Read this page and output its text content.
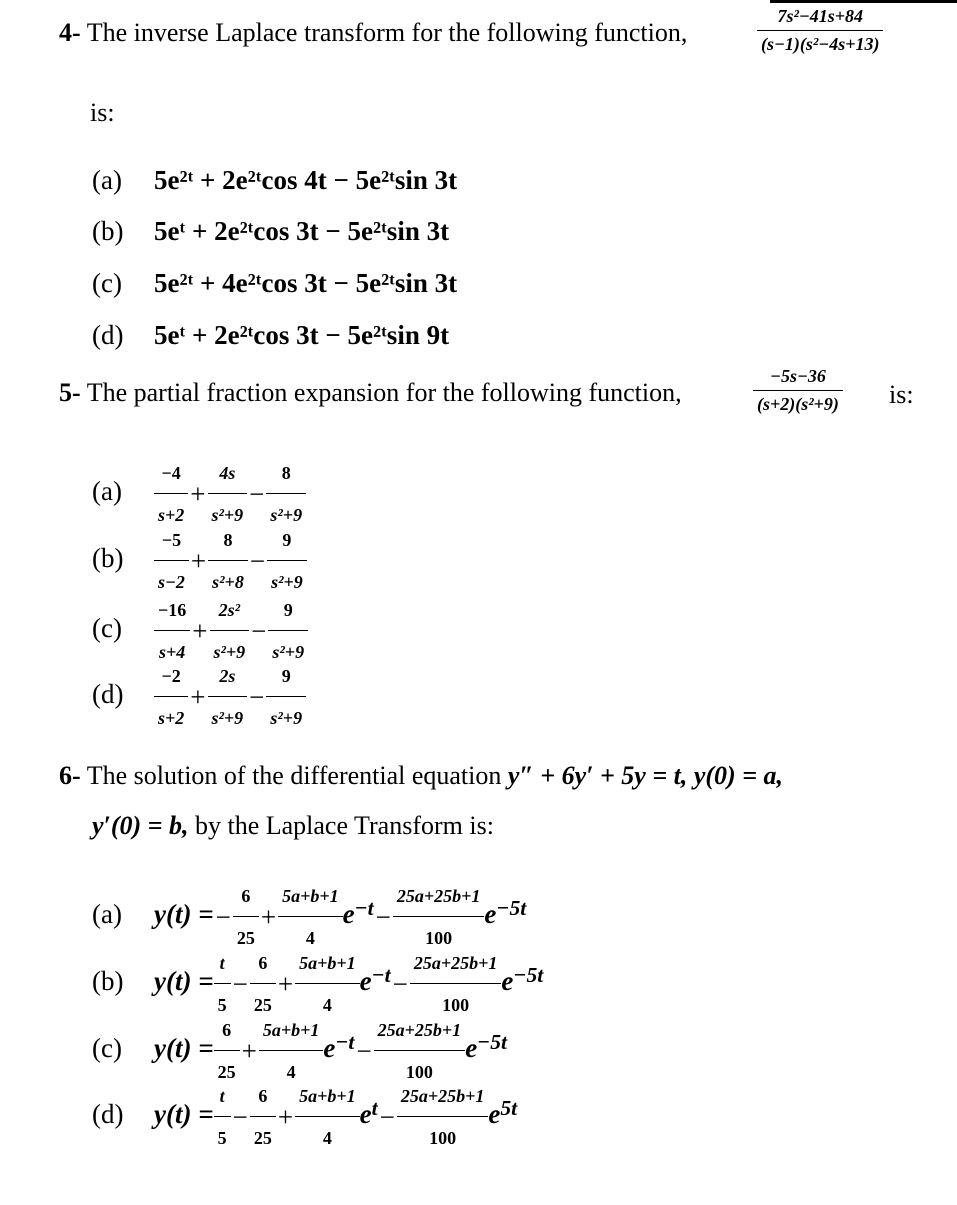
4- The inverse Laplace transform for the following function,	$\frac{\text{7s²−41s+84}}{\text{(s−1)(s²−4s+13)}}$
is:
(a) 5e²ᵗ + 2e²ᵗcos 4t − 5e²ᵗsin 3t
(b) 5eᵗ + 2e²ᵗcos 3t − 5e²ᵗsin 3t
(c) 5e²ᵗ + 4e²ᵗcos 3t − 5e²ᵗsin 3t
(d) 5eᵗ + 2e²ᵗcos 3t − 5e²ᵗsin 9t
5- The partial fraction expansion for the following function,	$\frac{-5s-36}{\text{(s+2)(s²+9)}}$ is:
$(a) \frac{-4}{s+2} + \frac{4s}{\text{s²+9}} - \frac{8}{\text{s²+9}}$
$(b) \frac{-5}{s-2} + \frac{8}{\text{s²+8}} - \frac{9}{\text{s²+9}}$
$(c) \frac{-16}{s+4} + \frac{\text{2s²}}{\text{s²+9}} - \frac{9}{\text{s²+9}}$
$(d) \frac{-2}{s+2} + \frac{2s}{\text{s²+9}} - \frac{9}{\text{s²+9}}$
6- The solution of the differential equation y″ + 6y′ + 5y = t, y(0) = a,
y′(0) = b, by the Laplace Transform is:
(a) $y(t) =- \frac{6}{25} + \frac{5a+b+1}{4} e^{-t}- \frac{25a+25b+1}{100} e^{-5t}$
(b) $y(t) = \frac{t}{5} - \frac{6}{25} + \frac{5a+b+1}{4} e^{-t}- \frac{25a+25b+1}{100} e^{-5t}$
(c) $y(t) = \frac{6}{25} + \frac{5a+b+1}{4} e^{-t}- \frac{25a+25b+1}{100} e^{-5t}$
(d) $y(t) = \frac{t}{5} - \frac{6}{25} + \frac{5a+b+1}{4} e^t- \frac{25a+25b+1}{100} e^{5t}$
